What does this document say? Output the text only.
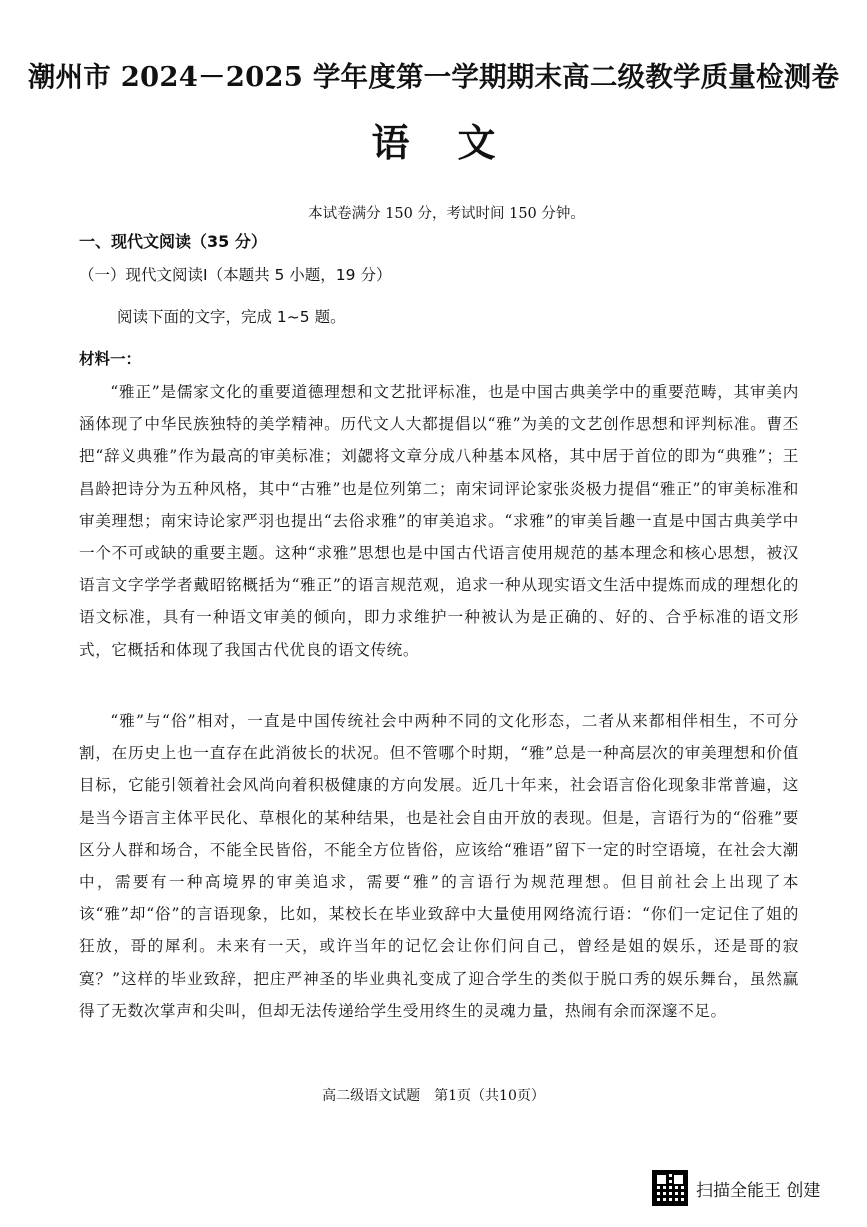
潮州市 2024－2025 学年度第一学期期末高二级教学质量检测卷
语文
本试卷满分 150 分，考试时间 150 分钟。
一、现代文阅读（35 分）
（一）现代文阅读Ⅰ（本题共 5 小题，19 分）
阅读下面的文字，完成 1~5 题。
材料一：

“雅正”是儒家文化的重要道德理想和文艺批评标准，也是中国古典美学中的重要范畴，其审美内涵体现了中华民族独特的美学精神。历代文人大都提倡以“雅”为美的文艺创作思想和评判标准。曹丕把“辞义典雅”作为最高的审美标准；刘勰将文章分成八种基本风格，其中居于首位的即为“典雅”；王昌龄把诗分为五种风格，其中“古雅”也是位列第二；南宋词评论家张炎极力提倡“雅正”的审美标准和审美理想；南宋诗论家严羽也提出“去俗求雅”的审美追求。“求雅”的审美旨趣一直是中国古典美学中一个不可或缺的重要主题。这种“求雅”思想也是中国古代语言使用规范的基本理念和核心思想，被汉语言文字学学者戴昭铭概括为“雅正”的语言规范观，追求一种从现实语文生活中提炼而成的理想化的语文标准，具有一种语文审美的倾向，即力求维护一种被认为是正确的、好的、合乎标准的语文形式，它概括和体现了我国古代优良的语文传统。

“雅”与“俗”相对，一直是中国传统社会中两种不同的文化形态，二者从来都相伴相生，不可分割，在历史上也一直存在此消彼长的状况。但不管哪个时期，“雅”总是一种高层次的审美理想和价值目标，它能引领着社会风尚向着积极健康的方向发展。近几十年来，社会语言俗化现象非常普遍，这是当今语言主体平民化、草根化的某种结果，也是社会自由开放的表现。但是，言语行为的“俗雅”要区分人群和场合，不能全民皆俗，不能全方位皆俗，应该给“雅语”留下一定的时空语境，在社会大潮中，需要有一种高境界的审美追求，需要“雅”的言语行为规范理想。但目前社会上出现了本该“雅”却“俗”的言语现象，比如，某校长在毕业致辞中大量使用网络流行语：“你们一定记住了姐的狂放，哥的犀利。未来有一天，或许当年的记忆会让你们问自己，曾经是姐的娱乐，还是哥的寂寞？”这样的毕业致辞，把庄严神圣的毕业典礼变成了迎合学生的类似于脱口秀的娱乐舞台，虽然赢得了无数次掌声和尖叫，但却无法传递给学生受用终生的灵魂力量，热闹有余而深邃不足。

高二级语文试题　第1页（共10页）
扫描全能王 创建
